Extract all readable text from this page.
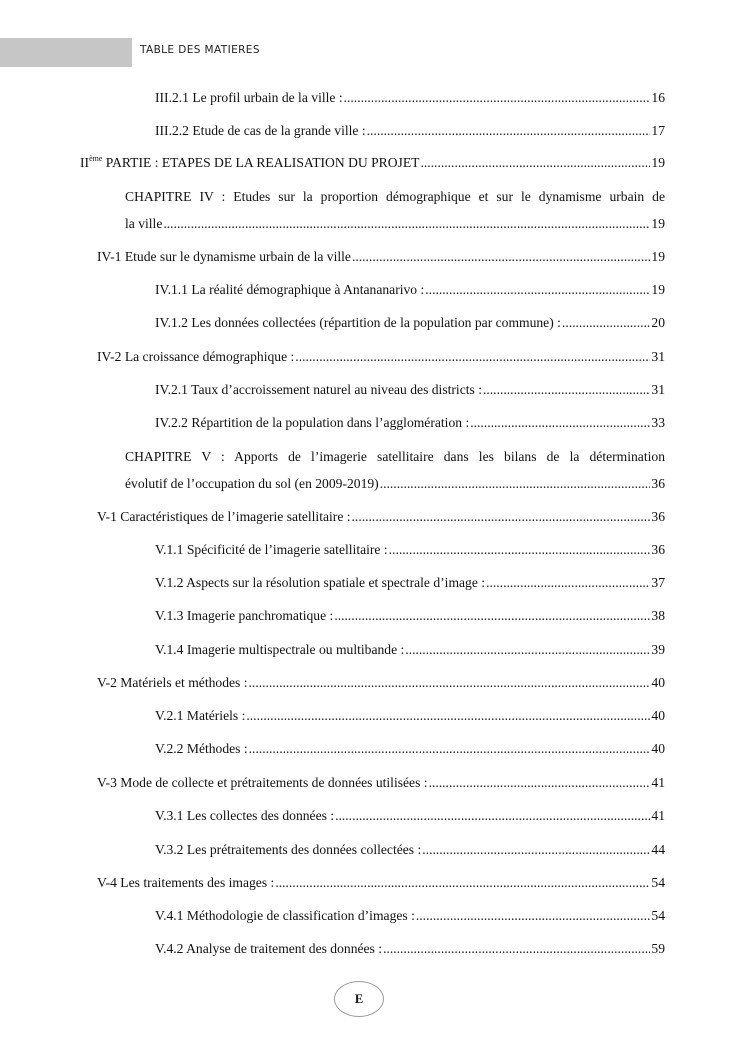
TABLE DES MATIERES
III.2.1 Le profil urbain de la ville : .....	16
III.2.2 Etude de cas de la grande ville : .....	17
IIème PARTIE : ETAPES DE LA REALISATION DU PROJET .....	19
CHAPITRE IV : Etudes sur la proportion démographique et sur le dynamisme urbain de
la ville .....	19
IV-1 Etude sur le dynamisme urbain de la ville .....	19
IV.1.1 La réalité démographique à Antananarivo : .....	19
IV.1.2 Les données collectées (répartition de la population par commune) : .....	20
IV-2 La croissance démographique : .....	31
IV.2.1 Taux d’accroissement naturel au niveau des districts : .....	31
IV.2.2 Répartition de la population dans l’agglomération : .....	33
CHAPITRE V : Apports de l’imagerie satellitaire dans les bilans de la détermination
évolutif de l’occupation du sol (en 2009-2019) .....	36
V-1 Caractéristiques de l’imagerie satellitaire : .....	36
V.1.1 Spécificité de l’imagerie satellitaire : .....	36
V.1.2 Aspects sur la résolution spatiale et spectrale d’image : .....	37
V.1.3 Imagerie panchromatique : .....	38
V.1.4 Imagerie multispectrale ou multibande : .....	39
V-2 Matériels et méthodes : .....	40
V.2.1 Matériels : .....	40
V.2.2 Méthodes : .....	40
V-3 Mode de collecte et prétraitements de données utilisées : .....	41
V.3.1 Les collectes des données : .....	41
V.3.2 Les prétraitements des données collectées : .....	44
V-4 Les traitements des images : .....	54
V.4.1 Méthodologie de classification d’images : .....	54
V.4.2 Analyse de traitement des données : .....	59
E
